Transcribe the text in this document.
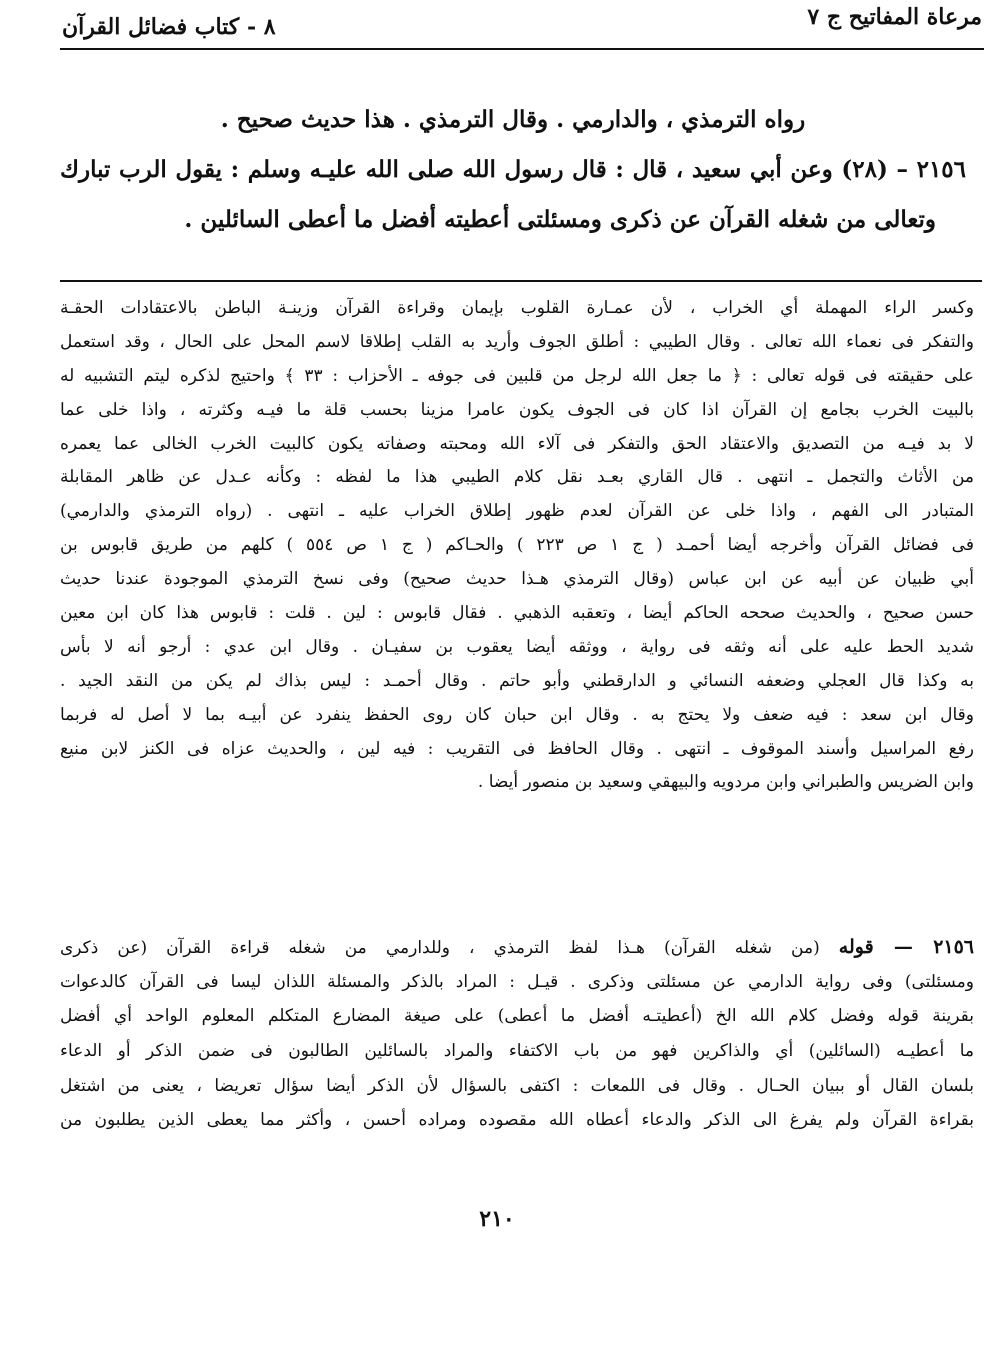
مرعاة المفاتيح ج ٧
٨ - كتاب فضائل القرآن
رواه الترمذي ، والدارمي . وقال الترمذي . هذا حديث صحيح .
٢١٥٦ – (٢٨) وعن أبي سعيد ، قال : قال رسول الله صلى الله عليـه وسلم : يقول الرب تبارك
وتعالى من شغله القرآن عن ذكرى ومسئلتى أعطيته أفضل ما أعطى السائلين .
وكسر الراء المهملة أي الخراب ، لأن عمـارة القلوب بإيمان وقراءة القرآن وزينـة الباطن بالاعتقادات الحقـة
والتفكر فى نعماء الله تعالى . وقال الطيبي : أطلق الجوف وأريد به القلب إطلاقا لاسم المحل على الحال ، وقد استعمل
على حقيقته فى قوله تعالى : ﴿ ما جعل الله لرجل من قلبين فى جوفه ـ الأحزاب : ٣٣ ﴾ واحتيج لذكره ليتم التشبيه له
بالبيت الخرب بجامع إن القرآن اذا كان فى الجوف يكون عامرا مزينا بحسب قلة ما فيـه وكثرته ، واذا خلى عما
لا بد فيـه من التصديق والاعتقاد الحق والتفكر فى آلاء الله ومحبته وصفاته يكون كالبيت الخرب الخالى عما يعمره
من الأثاث والتجمل ـ انتهى . قال القاري بعـد نقل كلام الطيبي هذا ما لفظه : وكأنه عـدل عن ظاهر المقابلة
المتبادر الى الفهم ، واذا خلى عن القرآن لعدم ظهور إطلاق الخراب عليه ـ انتهى . (رواه الترمذي والدارمي)
فى فضائل القرآن وأخرجه أيضا أحمـد ( ج ١ ص ٢٢٣ ) والحـاكم ( ج ١ ص ٥٥٤ ) كلهم من طريق قابوس بن
أبي ظبيان عن أبيه عن ابن عباس (وقال الترمذي هـذا حديث صحيح) وفى نسخ الترمذي الموجودة عندنا حديث
حسن صحيح ، والحديث صححه الحاكم أيضا ، وتعقبه الذهبي . فقال قابوس : لين . قلت : قابوس هذا كان ابن معين
شديد الحط عليه على أنه وثقه فى رواية ، ووثقه أيضا يعقوب بن سفيـان . وقال ابن عدي : أرجو أنه لا بأس
به وكذا قال العجلي وضعفه النسائي و الدارقطني وأبو حاتم . وقال أحمـد : ليس بذاك لم يكن من النقد الجيد .
وقال ابن سعد : فيه ضعف ولا يحتج به . وقال ابن حبان كان روى الحفظ ينفرد عن أبيـه بما لا أصل له فربما
رفع المراسيل وأسند الموقوف ـ انتهى . وقال الحافظ فى التقريب : فيه لين ، والحديث عزاه فى الكنز لابن منيع
وابن الضريس والطبراني وابن مردويه والبيهقي وسعيد بن منصور أيضا .
٢١٥٦ — قوله (من شغله القرآن) هـذا لفظ الترمذي ، وللدارمي من شغله قراءة القرآن (عن ذكرى
ومسئلتى) وفى رواية الدارمي عن مسئلتى وذكرى . قيـل : المراد بالذكر والمسئلة اللذان ليسا فى القرآن كالدعوات
بقرينة قوله وفضل كلام الله الخ (أعطيتـه أفضل ما أعطى) على صيغة المضارع المتكلم المعلوم الواحد أي أفضل
ما أعطيـه (السائلين) أي والذاكرين فهو من باب الاكتفاء والمراد بالسائلين الطالبون فى ضمن الذكر أو الدعاء
بلسان القال أو ببيان الحـال . وقال فى اللمعات : اكتفى بالسؤال لأن الذكر أيضا سؤال تعريضا ، يعنى من اشتغل
بقراءة القرآن ولم يفرغ الى الذكر والدعاء أعطاه الله مقصوده ومراده أحسن ، وأكثر مما يعطى الذين يطلبون من
٢١٠
